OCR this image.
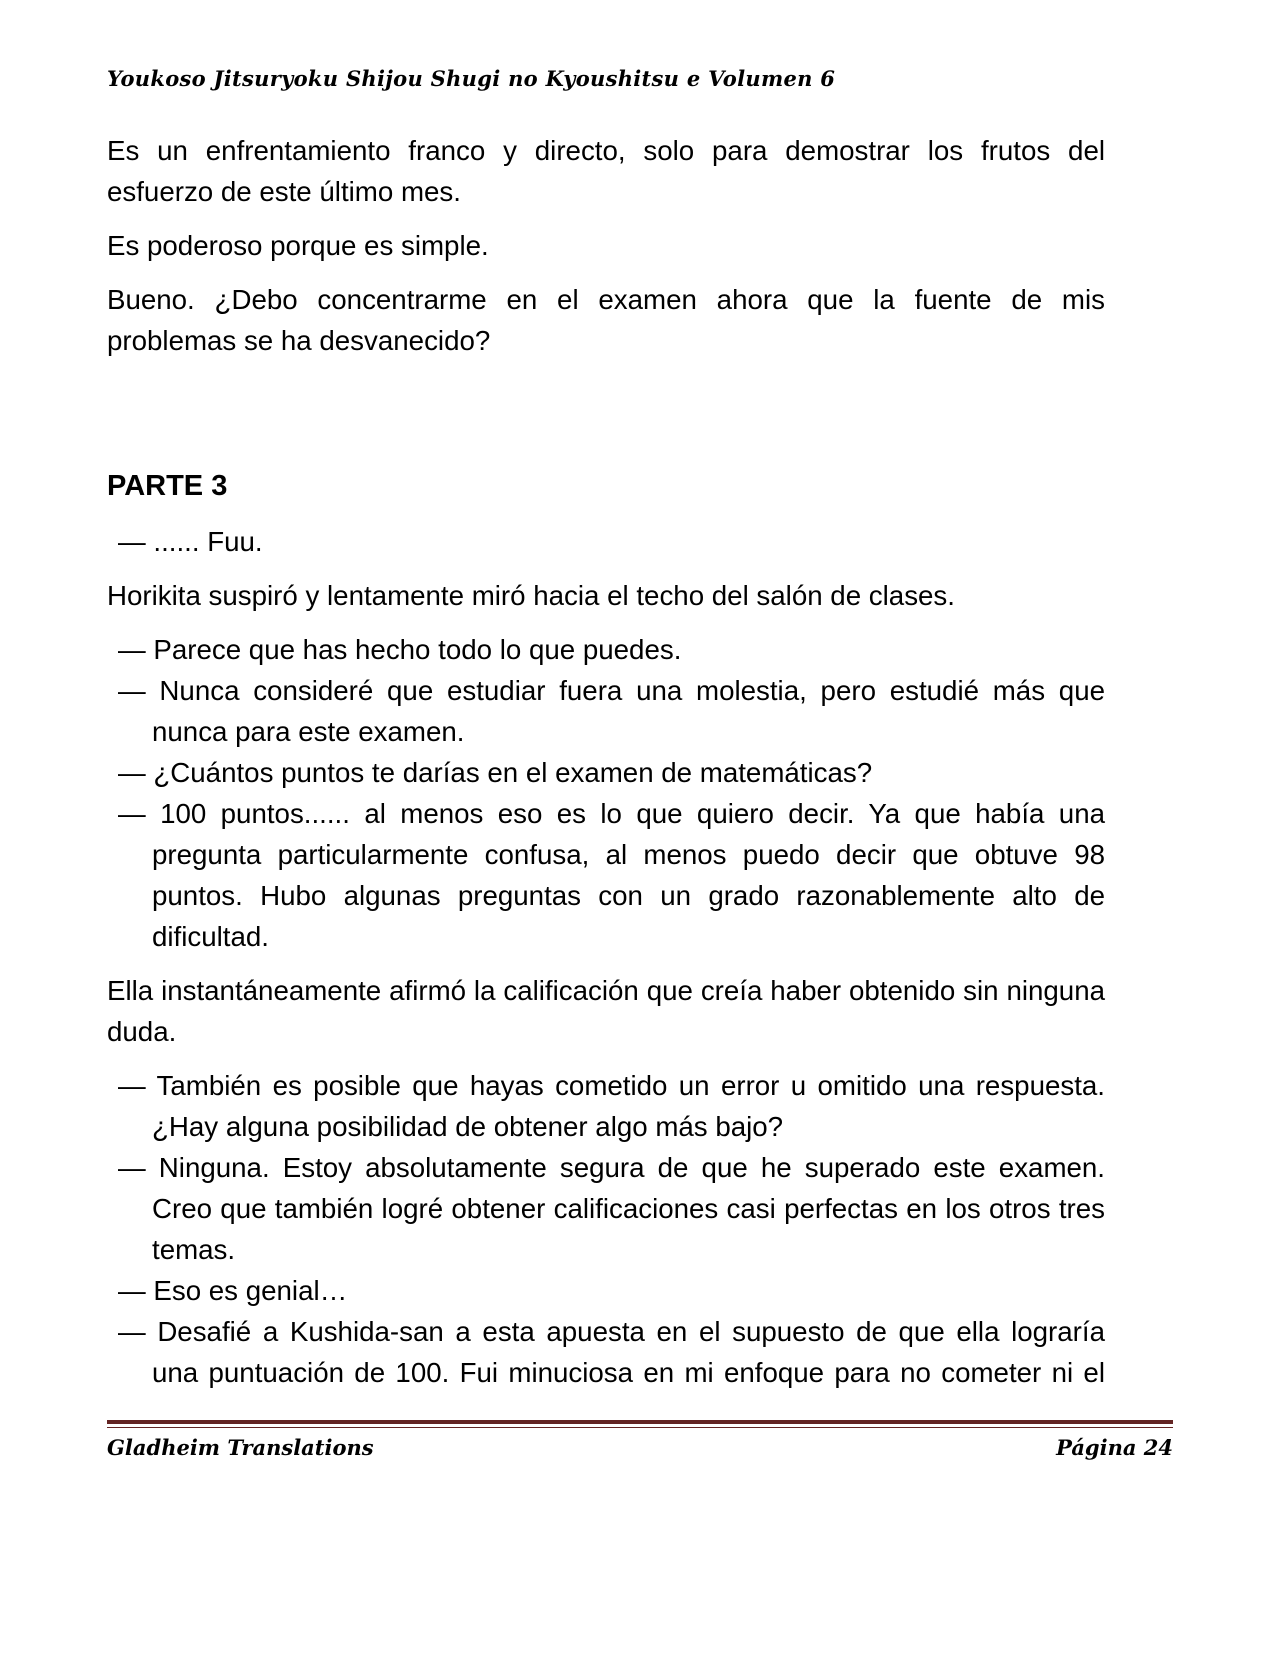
Youkoso Jitsuryoku Shijou Shugi no Kyoushitsu e Volumen 6

Es un enfrentamiento franco y directo, solo para demostrar los frutos del esfuerzo de este último mes.

Es poderoso porque es simple.

Bueno. ¿Debo concentrarme en el examen ahora que la fuente de mis problemas se ha desvanecido?

PARTE 3

— ...... Fuu.

Horikita suspiró y lentamente miró hacia el techo del salón de clases.

— Parece que has hecho todo lo que puedes.

— Nunca consideré que estudiar fuera una molestia, pero estudié más que nunca para este examen.

— ¿Cuántos puntos te darías en el examen de matemáticas?

— 100 puntos...... al menos eso es lo que quiero decir. Ya que había una pregunta particularmente confusa, al menos puedo decir que obtuve 98 puntos. Hubo algunas preguntas con un grado razonablemente alto de dificultad.

Ella instantáneamente afirmó la calificación que creía haber obtenido sin ninguna duda.

— También es posible que hayas cometido un error u omitido una respuesta. ¿Hay alguna posibilidad de obtener algo más bajo?

— Ninguna. Estoy absolutamente segura de que he superado este examen. Creo que también logré obtener calificaciones casi perfectas en los otros tres temas.

— Eso es genial…

— Desafié a Kushida-san a esta apuesta en el supuesto de que ella lograría una puntuación de 100. Fui minuciosa en mi enfoque para no cometer ni el

Gladheim Translations	Página 24
